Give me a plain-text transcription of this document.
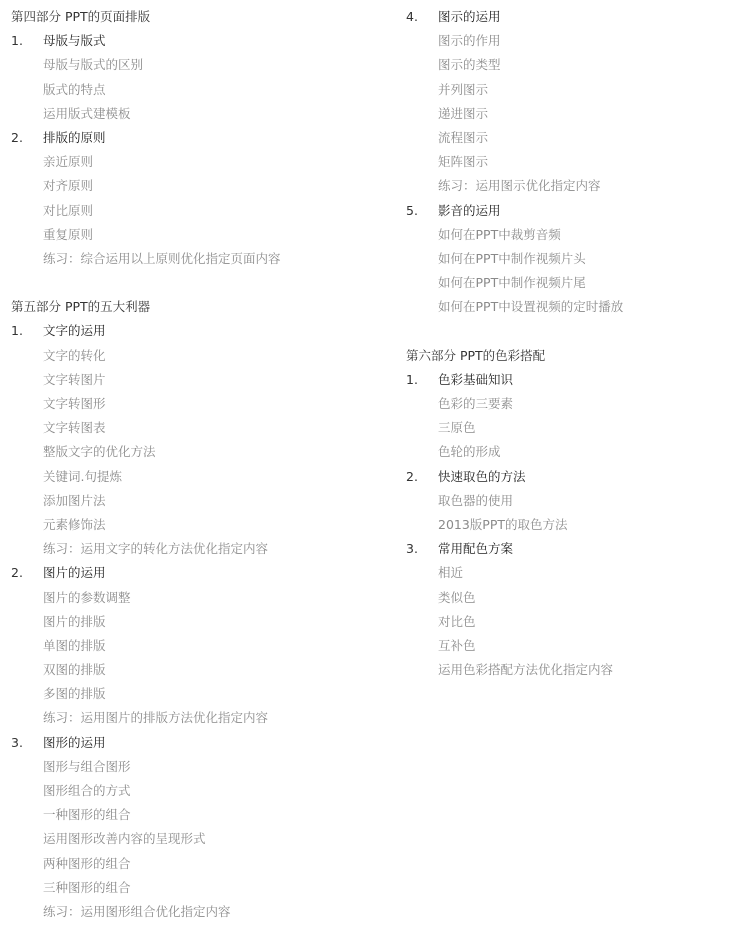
第四部分 PPT的页面排版
1. 母版与版式
母版与版式的区别
版式的特点
运用版式建模板
2. 排版的原则
亲近原则
对齐原则
对比原则
重复原则
练习：综合运用以上原则优化指定页面内容
第五部分 PPT的五大利器
1. 文字的运用
文字的转化
文字转图片
文字转图形
文字转图表
整版文字的优化方法
关键词.句提炼
添加图片法
元素修饰法
练习：运用文字的转化方法优化指定内容
2. 图片的运用
图片的参数调整
图片的排版
单图的排版
双图的排版
多图的排版
练习：运用图片的排版方法优化指定内容
3. 图形的运用
图形与组合图形
图形组合的方式
一种图形的组合
运用图形改善内容的呈现形式
两种图形的组合
三种图形的组合
练习：运用图形组合优化指定内容
4. 图示的运用
图示的作用
图示的类型
并列图示
递进图示
流程图示
矩阵图示
练习：运用图示优化指定内容
5. 影音的运用
如何在PPT中裁剪音频
如何在PPT中制作视频片头
如何在PPT中制作视频片尾
如何在PPT中设置视频的定时播放
第六部分 PPT的色彩搭配
1. 色彩基础知识
色彩的三要素
三原色
色轮的形成
2. 快速取色的方法
取色器的使用
2013版PPT的取色方法
3. 常用配色方案
相近
类似色
对比色
互补色
运用色彩搭配方法优化指定内容
